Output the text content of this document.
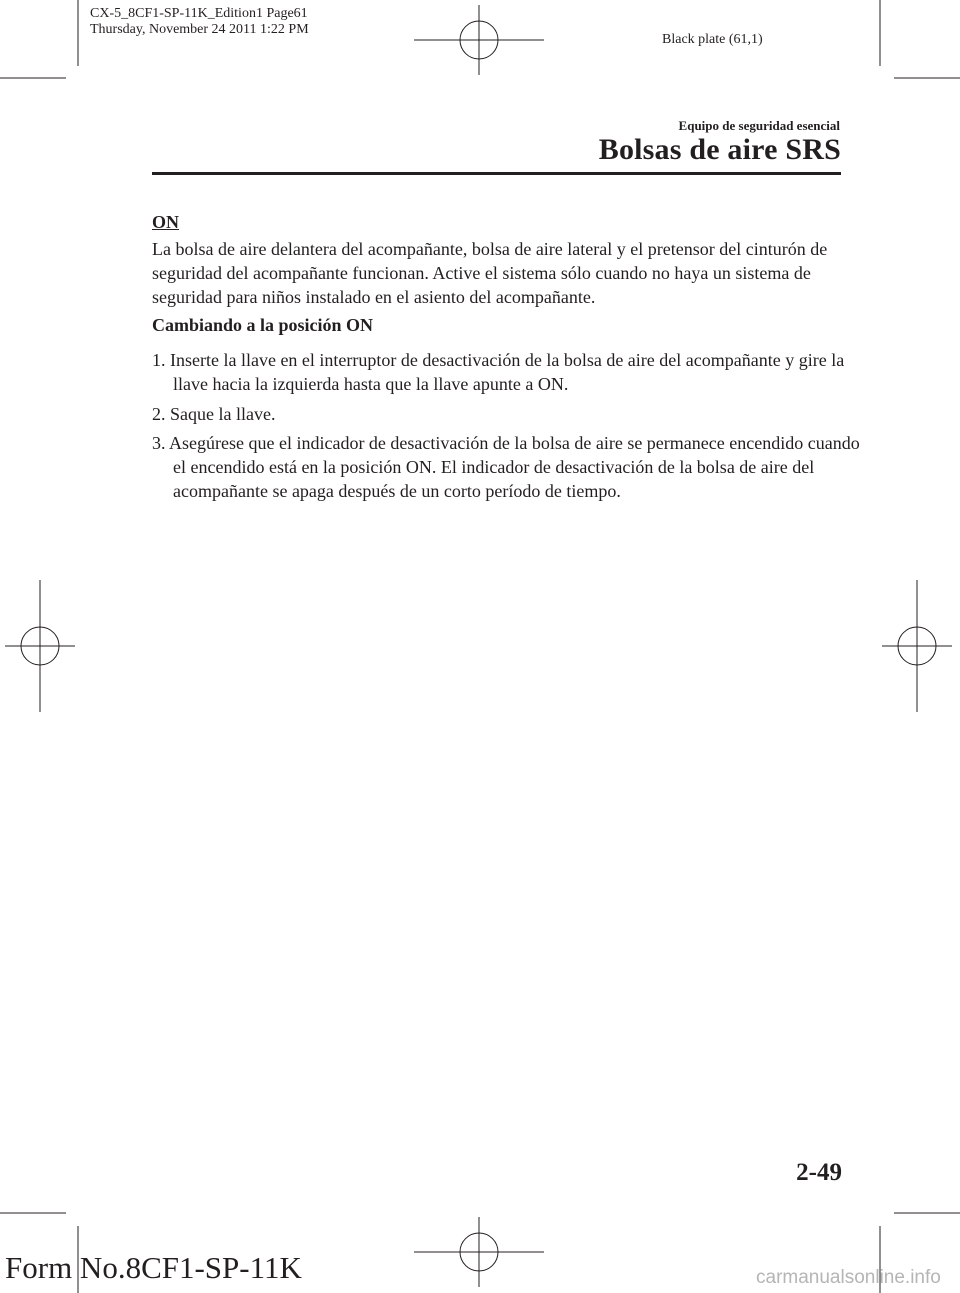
CX-5_8CF1-SP-11K_Edition1 Page61
Thursday, November 24 2011 1:22 PM
Black plate (61,1)
Equipo de seguridad esencial
Bolsas de aire SRS
ON
La bolsa de aire delantera del acompañante, bolsa de aire lateral y el pretensor del cinturón de seguridad del acompañante funcionan. Active el sistema sólo cuando no haya un sistema de seguridad para niños instalado en el asiento del acompañante.
Cambiando a la posición ON
1. Inserte la llave en el interruptor de desactivación de la bolsa de aire del acompañante y gire la llave hacia la izquierda hasta que la llave apunte a ON.
2. Saque la llave.
3. Asegúrese que el indicador de desactivación de la bolsa de aire se permanece encendido cuando el encendido está en la posición ON. El indicador de desactivación de la bolsa de aire del acompañante se apaga después de un corto período de tiempo.
2-49
Form No.8CF1-SP-11K	carmanualsonline.info
